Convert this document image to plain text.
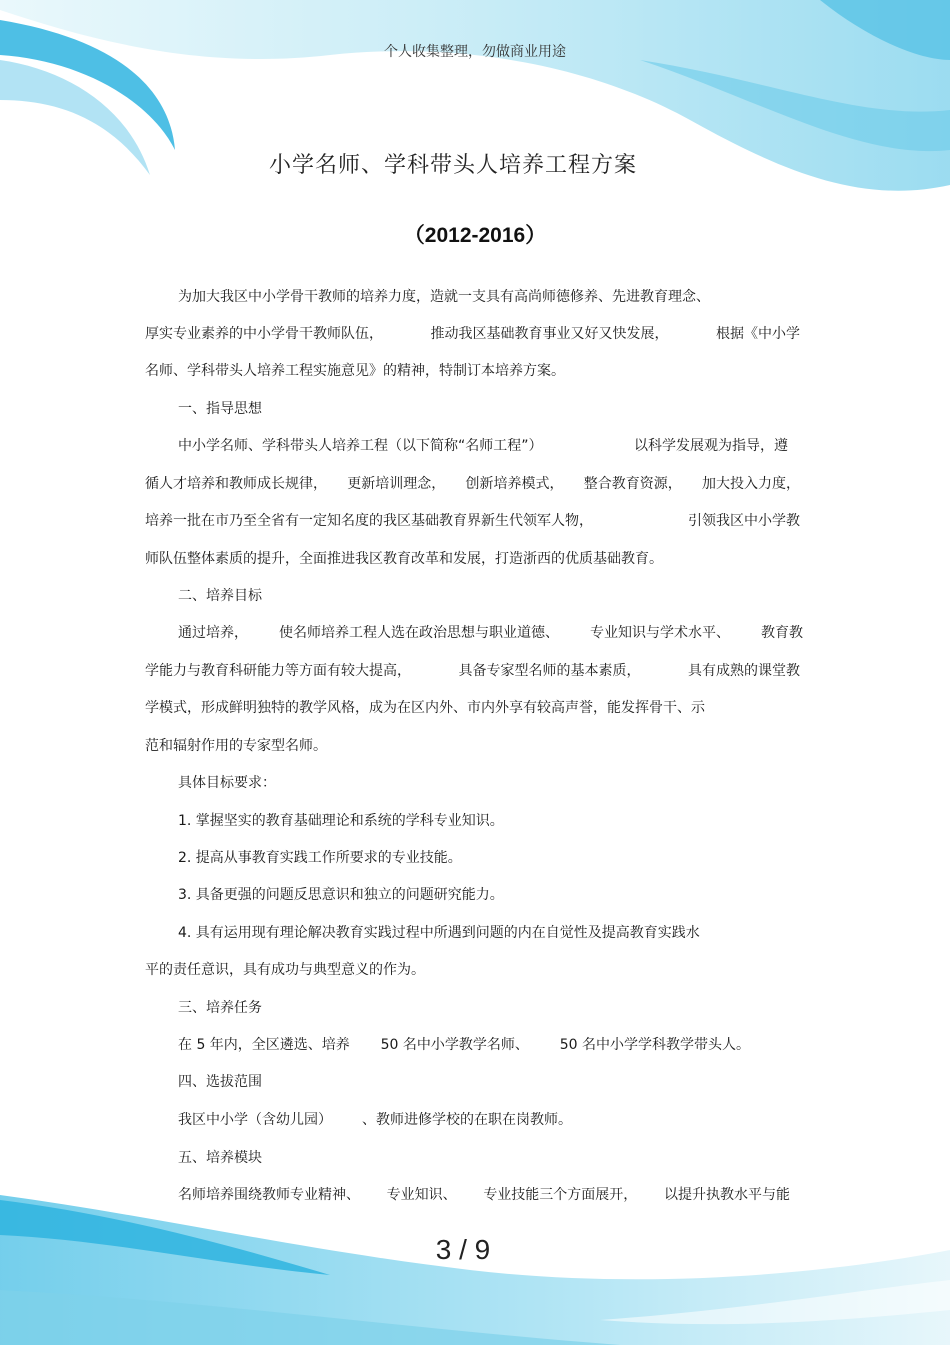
个人收集整理，勿做商业用途
小学名师、学科带头人培养工程方案
（2012-2016）
为加大我区中小学骨干教师的培养力度，造就一支具有高尚师德修养、先进教育理念、
厚实专业素养的中小学骨干教师队伍，	推动我区基础教育事业又好又快发展，	根据《中小学
名师、学科带头人培养工程实施意见》的精神，特制订本培养方案。
一、指导思想
中小学名师、学科带头人培养工程（以下简称“名师工程”）	以科学发展观为指导，遵
循人才培养和教师成长规律， 更新培训理念， 创新培养模式， 整合教育资源， 加大投入力度，
培养一批在市乃至全省有一定知名度的我区基础教育界新生代领军人物，	引领我区中小学教
师队伍整体素质的提升，全面推进我区教育改革和发展，打造浙西的优质基础教育。
二、培养目标
通过培养， 使名师培养工程人选在政治思想与职业道德、 专业知识与学术水平、 教育教
学能力与教育科研能力等方面有较大提高，	具备专家型名师的基本素质，	具有成熟的课堂教
学模式，形成鲜明独特的教学风格，成为在区内外、市内外享有较高声誉，能发挥骨干、示
范和辐射作用的专家型名师。
具体目标要求：
1. 掌握坚实的教育基础理论和系统的学科专业知识。
2. 提高从事教育实践工作所要求的专业技能。
3. 具备更强的问题反思意识和独立的问题研究能力。
4. 具有运用现有理论解决教育实践过程中所遇到问题的内在自觉性及提高教育实践水
平的责任意识，具有成功与典型意义的作为。
三、培养任务
在 5 年内，全区遴选、培养 50 名中小学教学名师、 50 名中小学学科教学带头人。
四、选拔范围
我区中小学（含幼儿园） 、教师进修学校的在职在岗教师。
五、培养模块
名师培养围绕教师专业精神、 专业知识、 专业技能三个方面展开， 以提升执教水平与能
3 / 9
